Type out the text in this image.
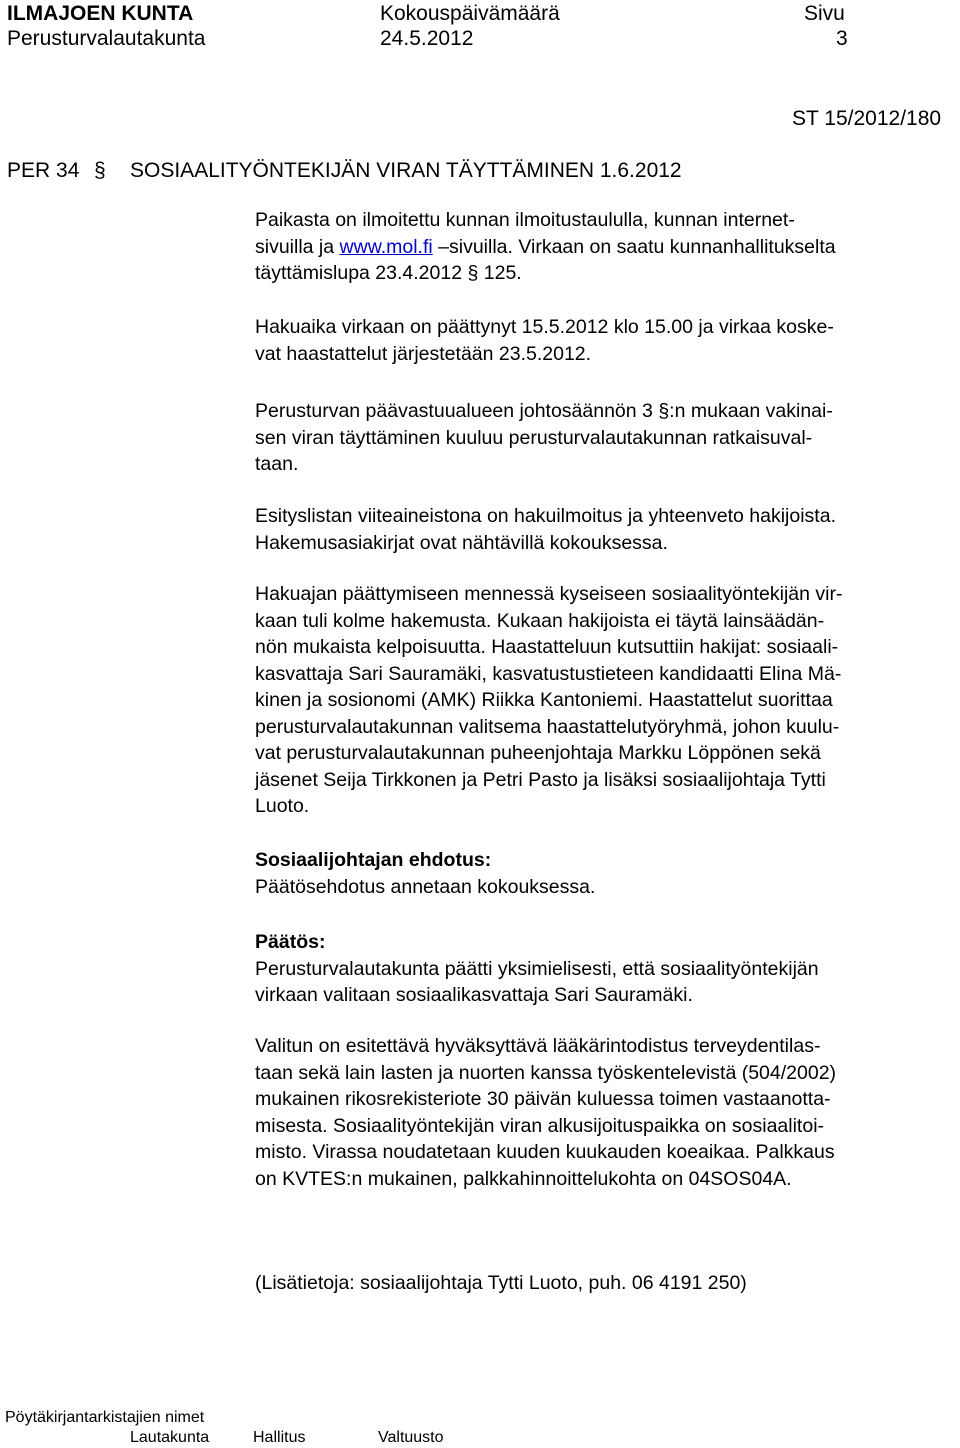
ILMAJOEN KUNTA
Perusturvalautakunta
Kokouspäivämäärä
24.5.2012
Sivu
3
ST 15/2012/180
PER 34 § SOSIAALITYÖNTEKIJÄN VIRAN TÄYTTÄMINEN 1.6.2012
Paikasta on ilmoitettu kunnan ilmoitustaululla, kunnan internet-
sivuilla ja www.mol.fi –sivuilla. Virkaan on saatu kunnanhallitukselta
täyttämislupa 23.4.2012 § 125.
Hakuaika virkaan on päättynyt 15.5.2012 klo 15.00 ja virkaa koske-
vat haastattelut järjestetään 23.5.2012.
Perusturvan päävastuualueen johtosäännön 3 §:n mukaan vakinai-
sen viran täyttäminen kuuluu perusturvalautakunnan ratkaisuval-
taan.
Esityslistan viiteaineistona on hakuilmoitus ja yhteenveto hakijoista.
Hakemusasiakirjat ovat nähtävillä kokouksessa.
Hakuajan päättymiseen mennessä kyseiseen sosiaalityöntekijän vir-
kaan tuli kolme hakemusta. Kukaan hakijoista ei täytä lainsäädän-
nön mukaista kelpoisuutta. Haastatteluun kutsuttiin hakijat: sosiaali-
kasvattaja Sari Sauramäki, kasvatustustieteen kandidaatti Elina Mä-
kinen ja sosionomi (AMK) Riikka Kantoniemi. Haastattelut suorittaa
perusturvalautakunnan valitsema haastattelutyöryhmä, johon kuulu-
vat perusturvalautakunnan puheenjohtaja Markku Löppönen sekä
jäsenet Seija Tirkkonen ja Petri Pasto ja lisäksi sosiaalijohtaja Tytti
Luoto.
Sosiaalijohtajan ehdotus:
Päätösehdotus annetaan kokouksessa.
Päätös:
Perusturvalautakunta päätti yksimielisesti, että sosiaalityöntekijän
virkaan valitaan sosiaalikasvattaja Sari Sauramäki.
Valitun on esitettävä hyväksyttävä lääkärintodistus terveydentilas-
taan sekä lain lasten ja nuorten kanssa työskentelevistä (504/2002)
mukainen rikosrekisteriote 30 päivän kuluessa toimen vastaanotta-
misesta. Sosiaalityöntekijän viran alkusijoituspaikka on sosiaalitoi-
misto. Virassa noudatetaan kuuden kuukauden koeaikaa. Palkkaus
on KVTES:n mukainen, palkkahinnoittelukohta on 04SOS04A.
(Lisätietoja: sosiaalijohtaja Tytti Luoto, puh. 06 4191 250)
Pöytäkirjantarkistajien nimet
Lautakunta	Hallitus	Valtuusto
